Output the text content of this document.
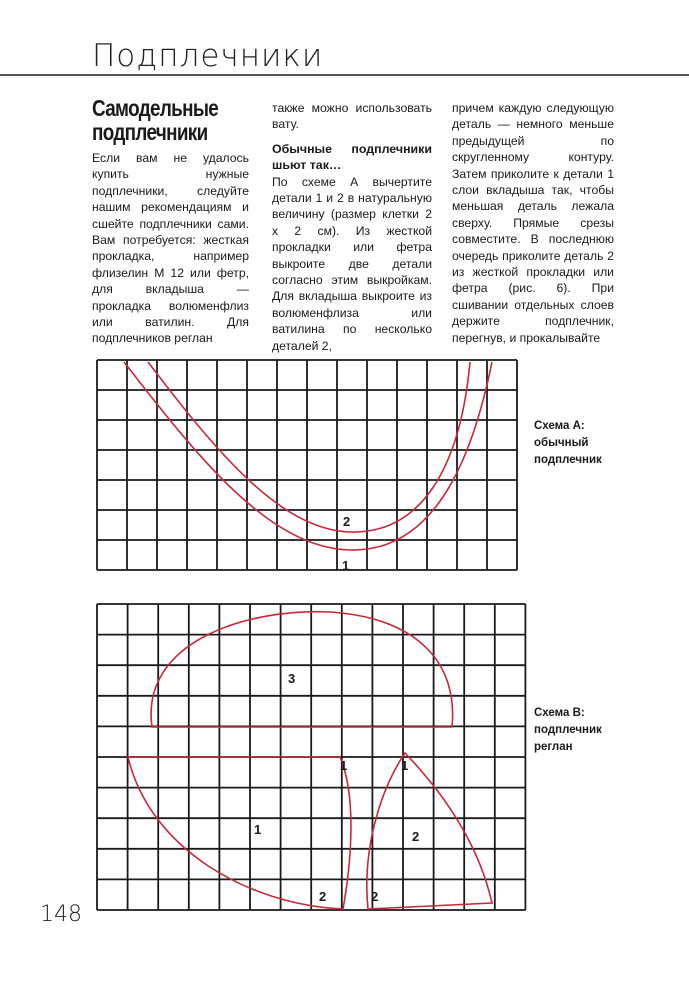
Подплечники
Самодельные
подплечники

Если вам не удалось купить нужные подплечники, следуйте нашим рекомендациям и сшейте подплечники сами. Вам потребуется: жесткая прокладка, например флизелин М 12 или фетр, для вкладыша — прокладка волюменфлиз или ватилин. Для подплечников реглан

также можно использовать вату.

Обычные подплечники шьют так…

По схеме А вычертите детали 1 и 2 в натуральную величину (размер клетки 2 х 2 см). Из жесткой прокладки или фетра выкроите две детали согласно этим выкройкам. Для вкладыша выкроите из волюменфлиза или ватилина по несколько деталей 2,

причем каждую следующую деталь — немного меньше предыдущей по скругленному контуру. Затем приколите к детали 1 слои вкладыша так, чтобы меньшая деталь лежала сверху. Прямые срезы совместите. В последнюю очередь приколите деталь 2 из жесткой прокладки или фетра (рис. 6). При сшивании отдельных слоев держите подплечник, перегнув, и прокалывайте

2
1
3
1
1
2
1
2
2
Схема А:
обычный
подплечник
Схема В:
подплечник
реглан
148
